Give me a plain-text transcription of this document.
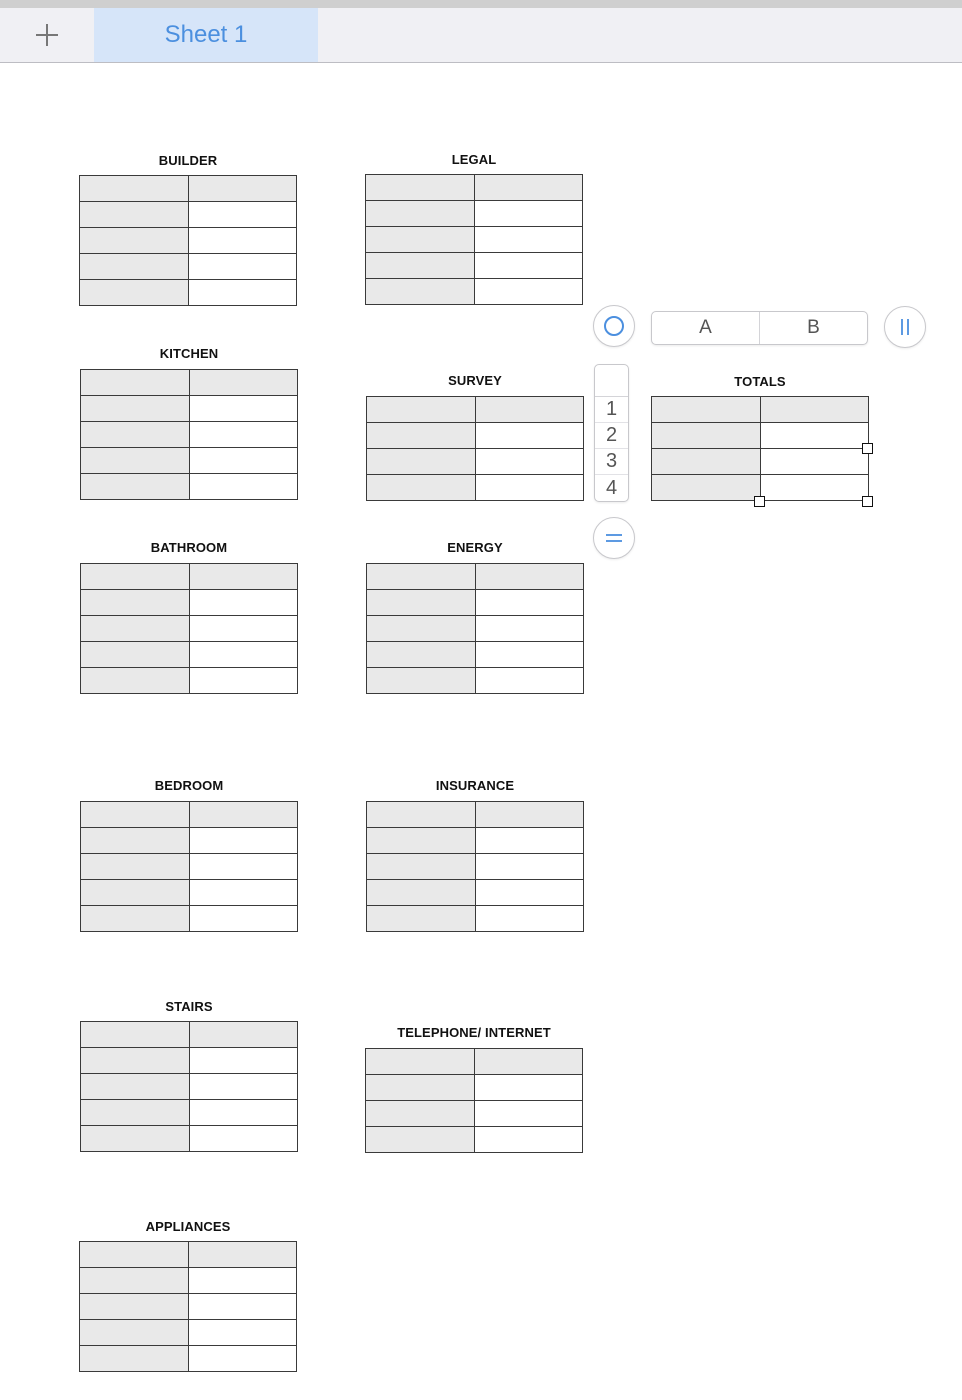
Sheet 1
BUILDER	LEGAL
KITCHEN
SURVEY	TOTALS
A	B
1
2
3
4
BATHROOM	ENERGY
BEDROOM	INSURANCE
STAIRS
TELEPHONE/ INTERNET
APPLIANCES
